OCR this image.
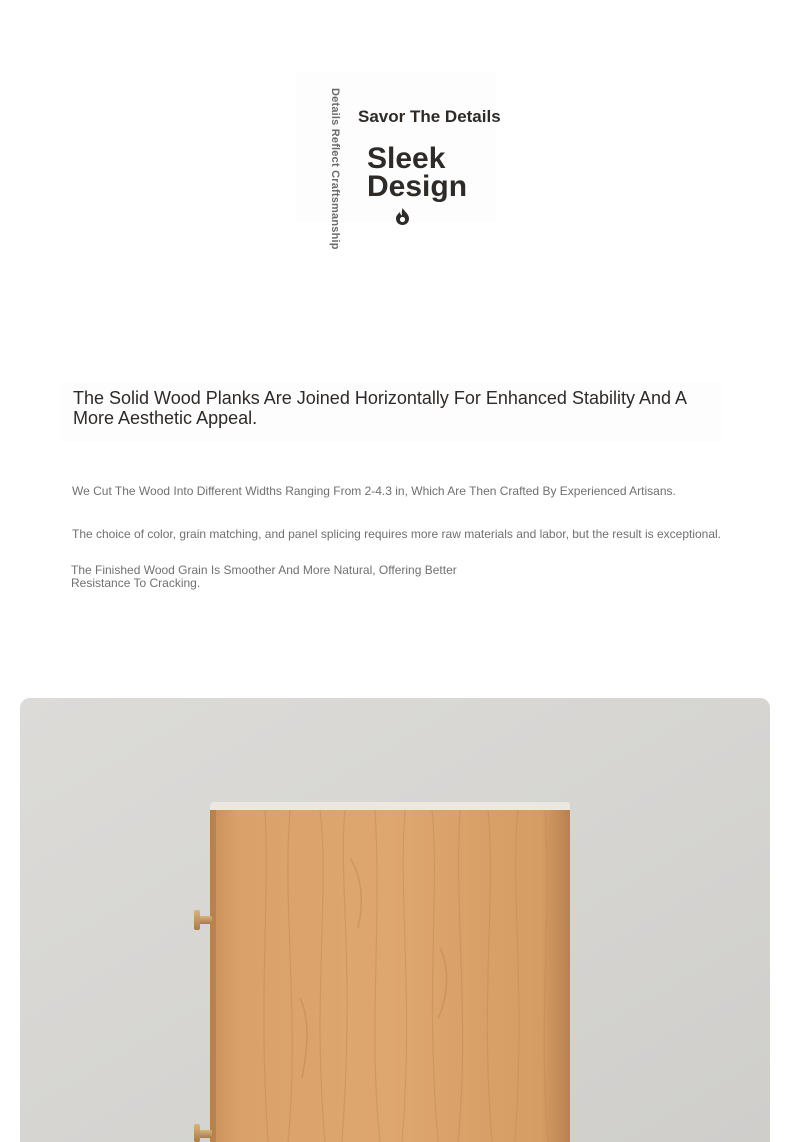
Details Reflect Craftsmanship Savor The Details
Sleek Design
The Solid Wood Planks Are Joined Horizontally For Enhanced Stability And A More Aesthetic Appeal.
We Cut The Wood Into Different Widths Ranging From 2-4.3 in, Which Are Then Crafted By Experienced Artisans.
The choice of color, grain matching, and panel splicing requires more raw materials and labor, but the result is exceptional.
The Finished Wood Grain Is Smoother And More Natural, Offering Better Resistance To Cracking.
